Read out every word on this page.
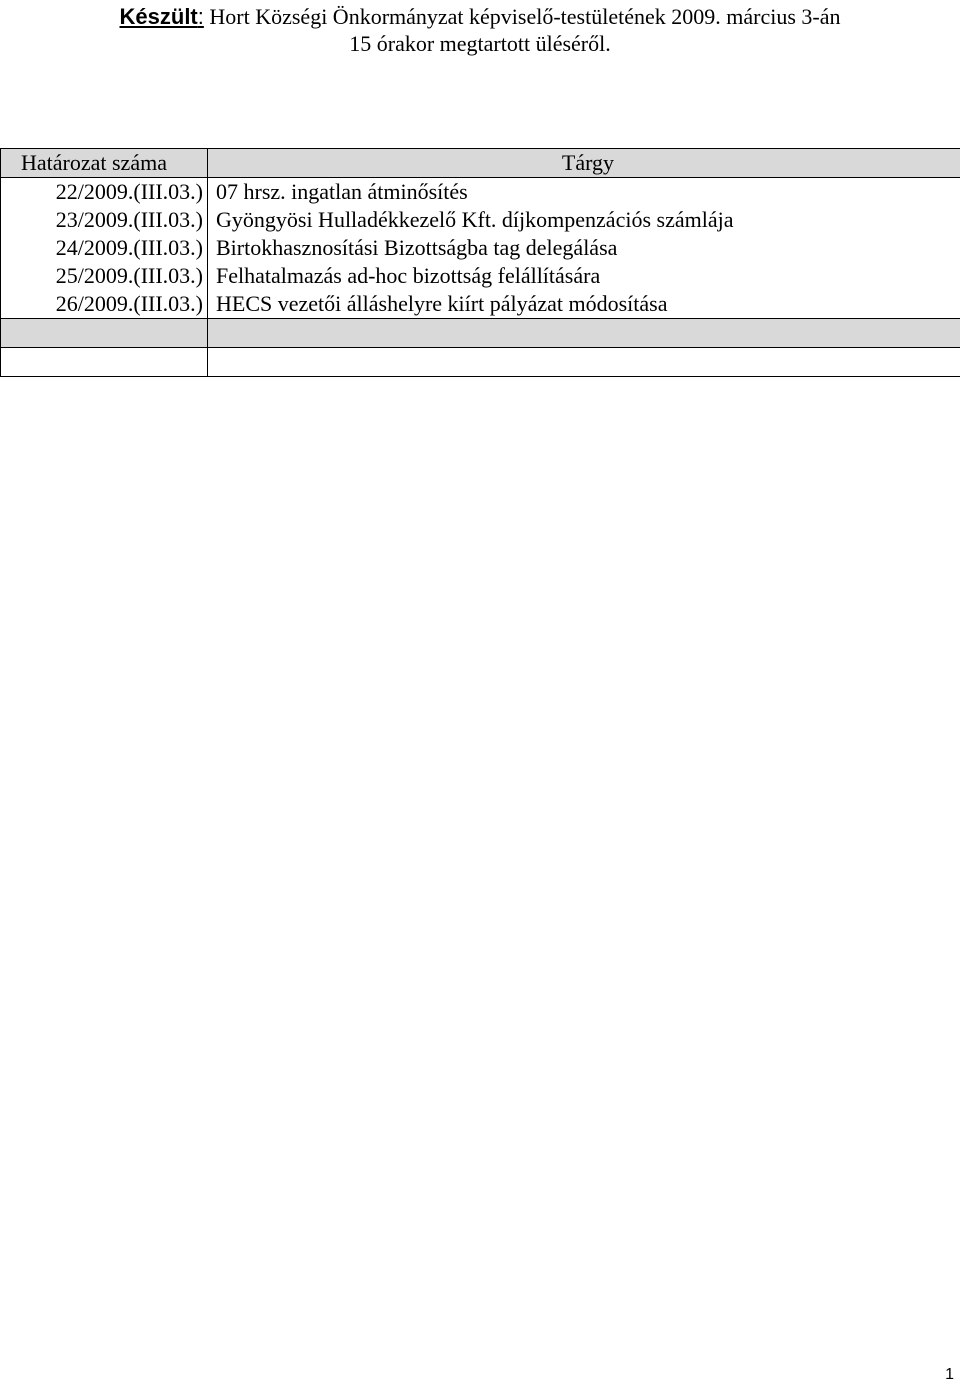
Készült: Hort Községi Önkormányzat képviselő-testületének 2009. március 3-án
15 órakor megtartott üléséről.
Határozat száma	Tárgy
22/2009.(III.03.)	07 hrsz. ingatlan átminősítés
23/2009.(III.03.)	Gyöngyösi Hulladékkezelő Kft. díjkompenzációs számlája
24/2009.(III.03.)	Birtokhasznosítási Bizottságba tag delegálása
25/2009.(III.03.)	Felhatalmazás ad-hoc bizottság felállítására
26/2009.(III.03.)	HECS vezetői álláshelyre kiírt pályázat módosítása

1
